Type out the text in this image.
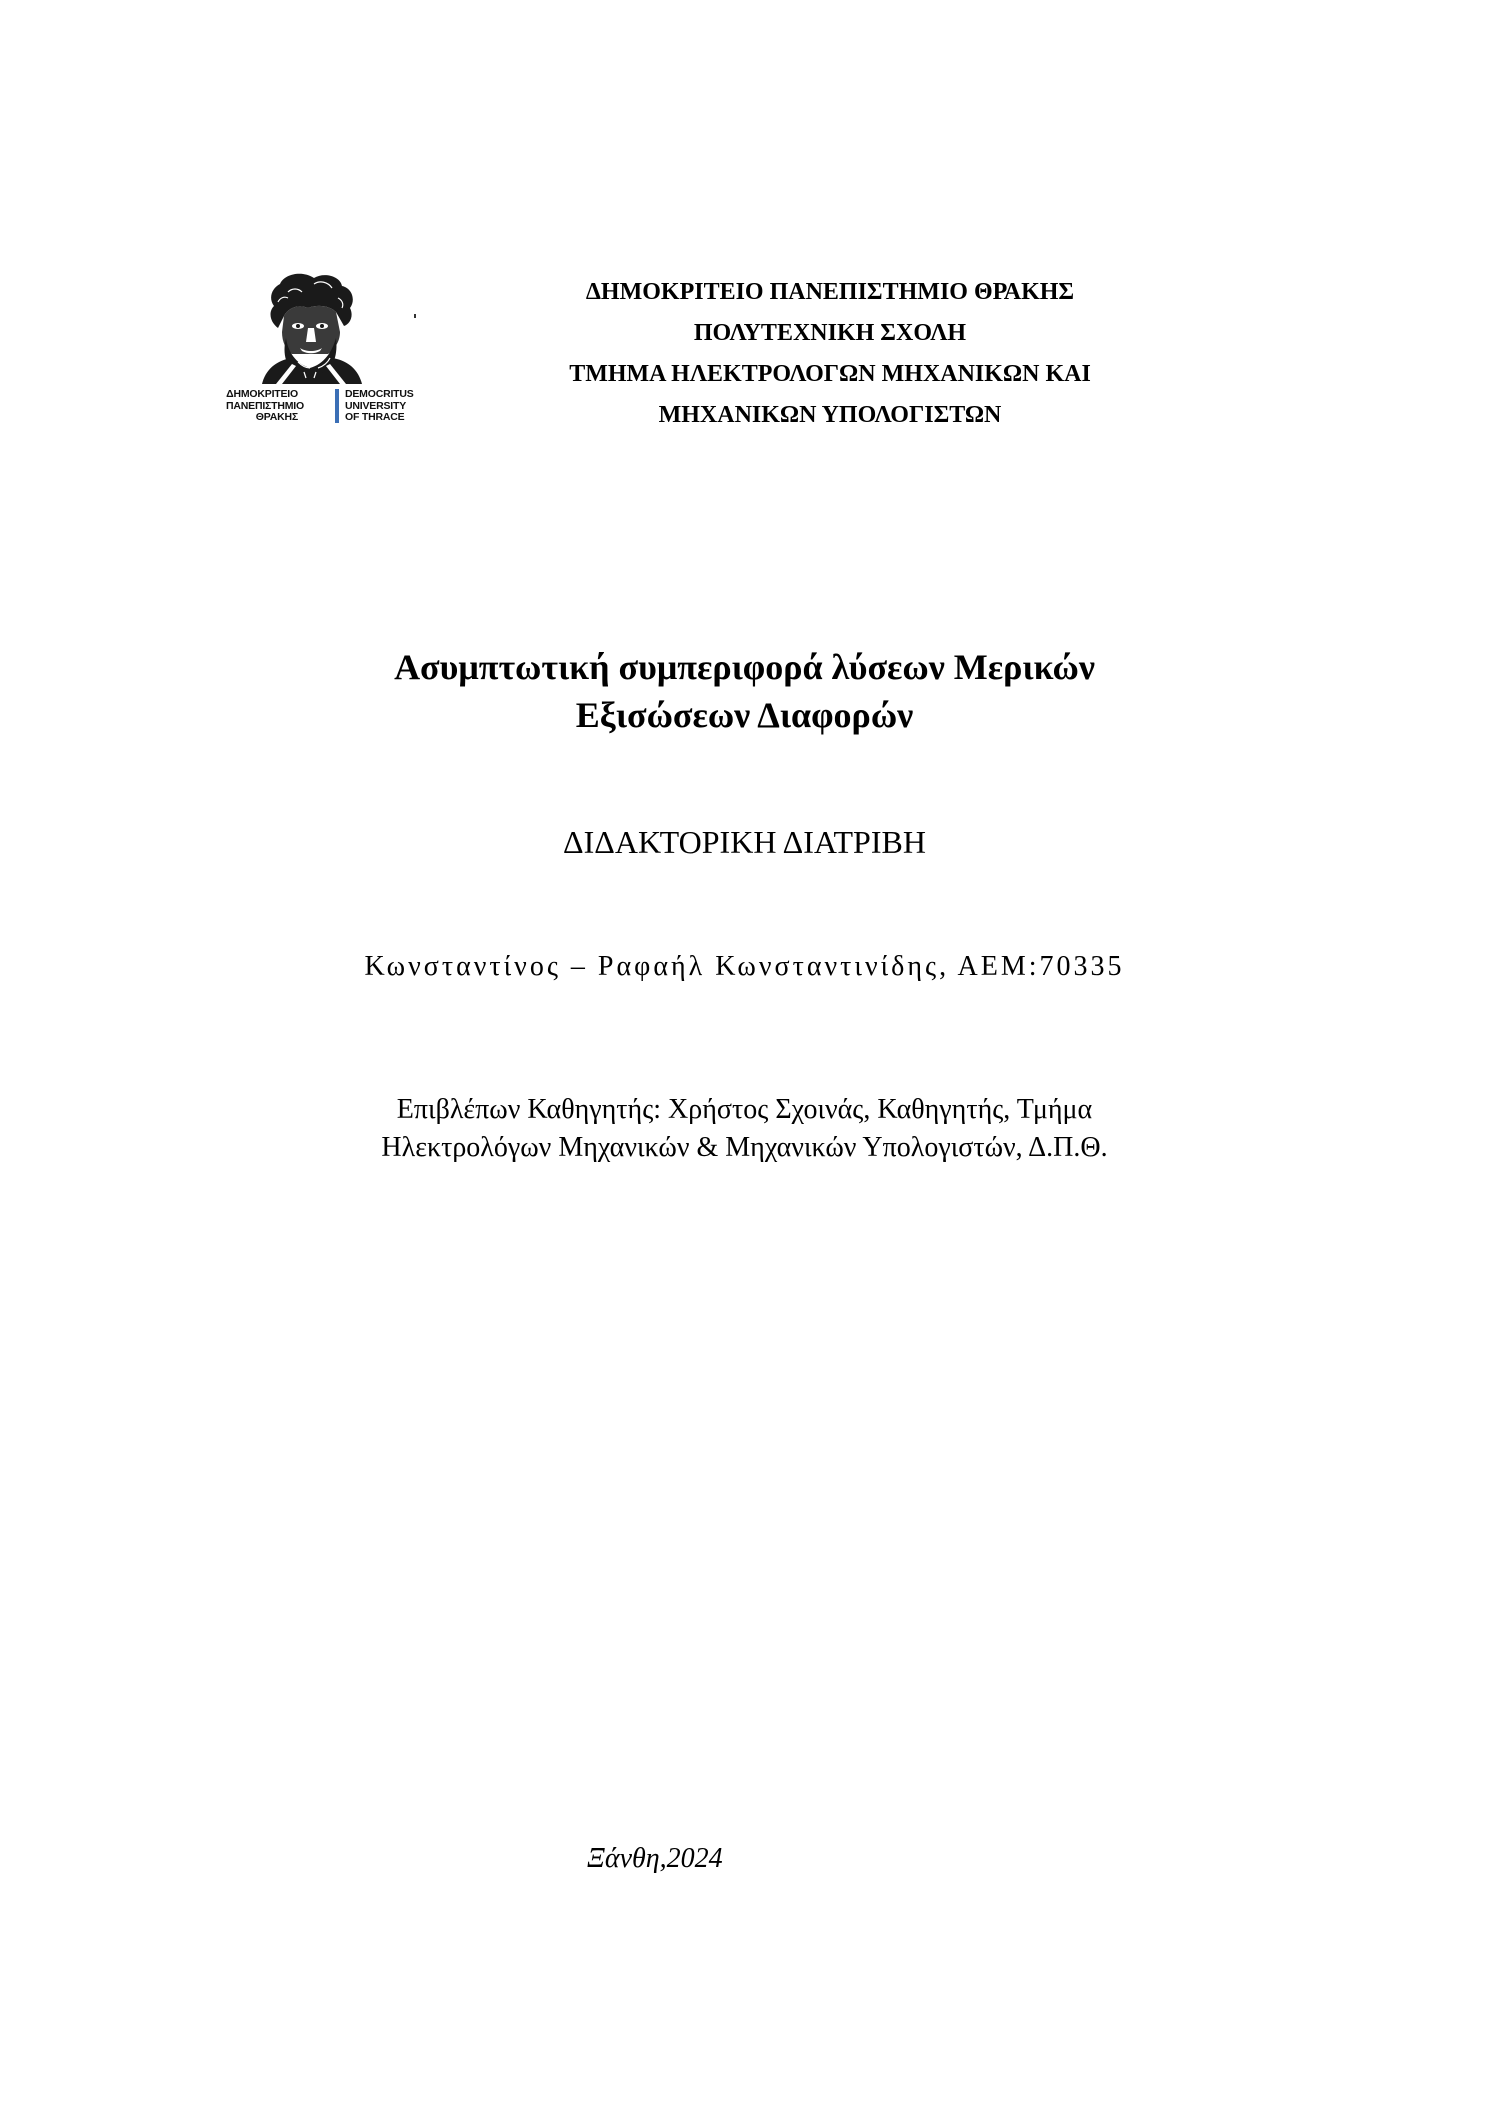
ΔΗΜΟΚΡΙΤΕΙΟ
ΠΑΝΕΠΙΣΤΗΜΙΟ
ΘΡΑΚΗΣ
DEMOCRITUS
UNIVERSITY
OF THRACE
ΔΗΜΟΚΡΙΤΕΙΟ ΠΑΝΕΠΙΣΤΗΜΙΟ ΘΡΑΚΗΣ
ΠΟΛΥΤΕΧΝΙΚΗ ΣΧΟΛΗ
ΤΜΗΜΑ ΗΛΕΚΤΡΟΛΟΓΩΝ ΜΗΧΑΝΙΚΩΝ ΚΑΙ
ΜΗΧΑΝΙΚΩΝ ΥΠΟΛΟΓΙΣΤΩΝ
Ασυμπτωτική συμπεριφορά λύσεων Μερικών
Εξισώσεων Διαφορών
ΔΙΔΑΚΤΟΡΙΚΗ ΔΙΑΤΡΙΒΗ
Κωνσταντίνος – Ραφαήλ Κωνσταντινίδης, ΑΕΜ:70335
Επιβλέπων Καθηγητής: Χρήστος Σχοινάς, Καθηγητής, Τμήμα
Ηλεκτρολόγων Μηχανικών & Μηχανικών Υπολογιστών, Δ.Π.Θ.
Ξάνθη,2024
